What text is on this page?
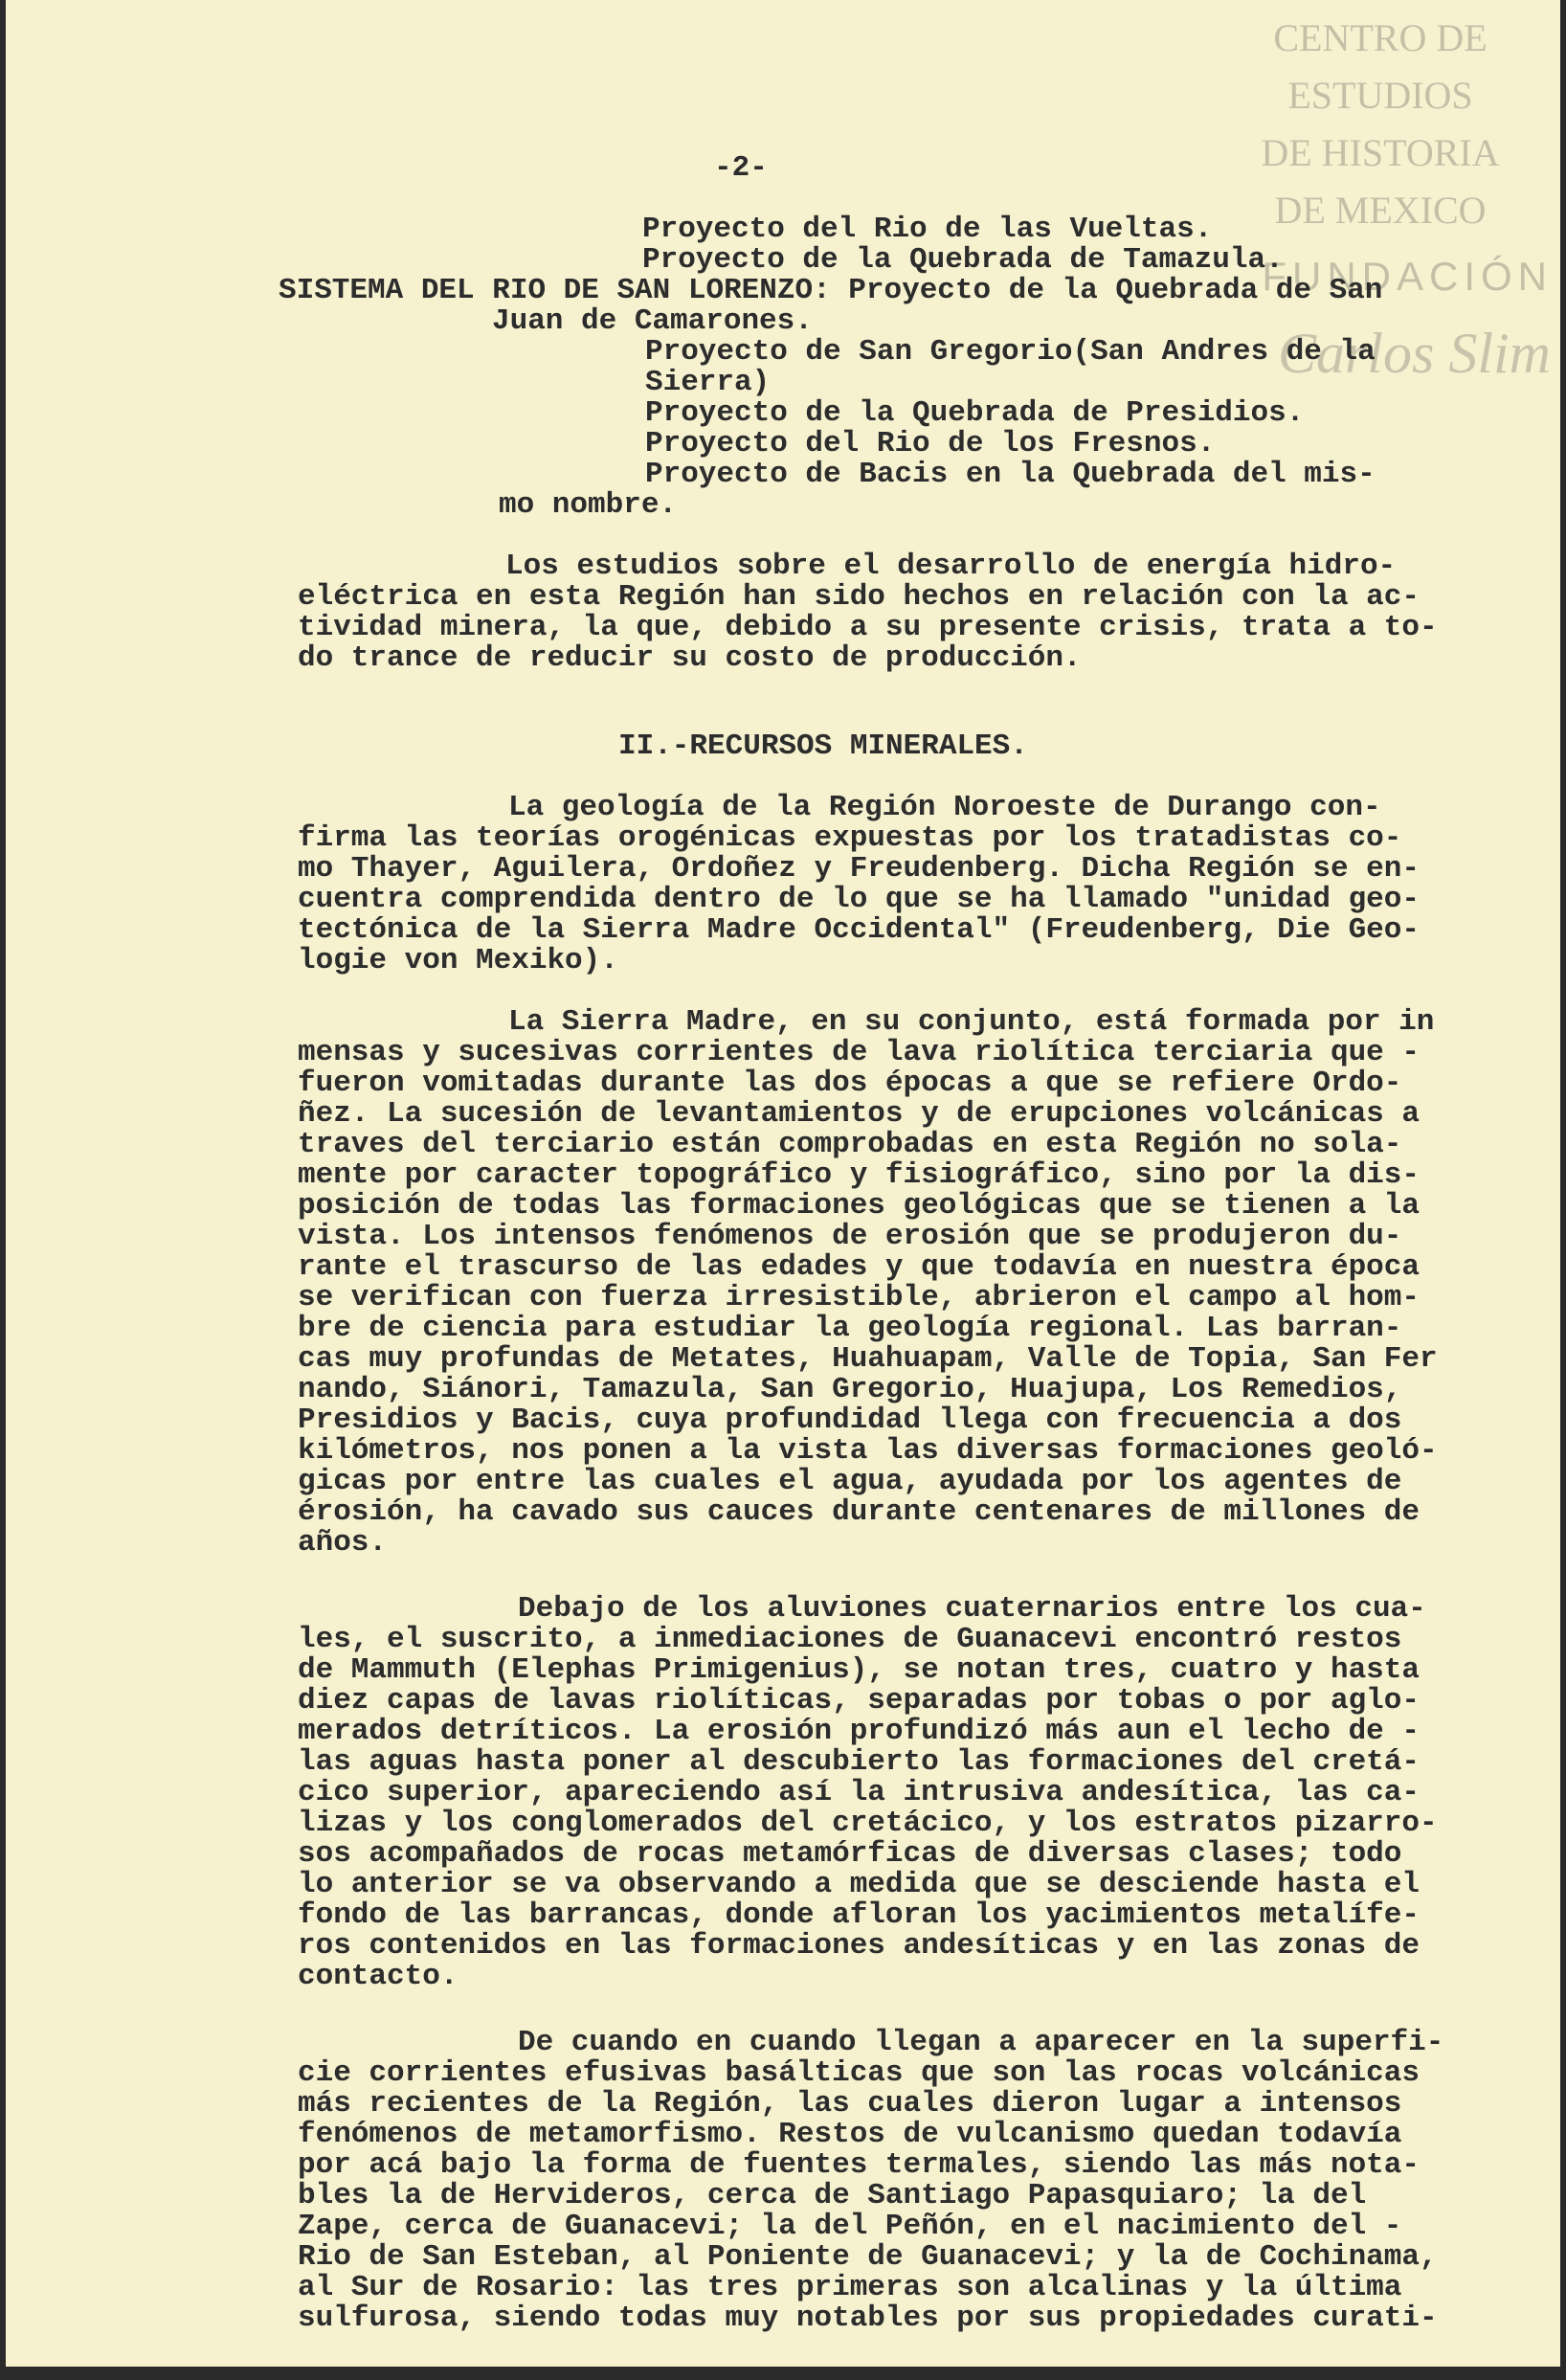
CENTRO DE
ESTUDIOS
DE HISTORIA
DE MEXICO
FUNDACIÓN
Carlos Slim
-2-
Proyecto del Rio de las Vueltas.
Proyecto de la Quebrada de Tamazula.
SISTEMA DEL RIO DE SAN LORENZO: Proyecto de la Quebrada de San
Juan de Camarones.
Proyecto de San Gregorio(San Andres de la
Sierra)
Proyecto de la Quebrada de Presidios.
Proyecto del Rio de los Fresnos.
Proyecto de Bacis en la Quebrada del mis-
mo nombre.
Los estudios sobre el desarrollo de energía hidro-
eléctrica en esta Región han sido hechos en relación con la ac-
tividad minera, la que, debido a su presente crisis, trata a to-
do trance de reducir su costo de producción.
II.-RECURSOS MINERALES.
La geología de la Región Noroeste de Durango con-
firma las teorías orogénicas expuestas por los tratadistas co-
mo Thayer, Aguilera, Ordoñez y Freudenberg. Dicha Región se en-
cuentra comprendida dentro de lo que se ha llamado "unidad geo-
tectónica de la Sierra Madre Occidental" (Freudenberg, Die Geo-
logie von Mexiko).
La Sierra Madre, en su conjunto, está formada por in
mensas y sucesivas corrientes de lava riolítica terciaria que -
fueron vomitadas durante las dos épocas a que se refiere Ordo-
ñez. La sucesión de levantamientos y de erupciones volcánicas a
traves del terciario están comprobadas en esta Región no sola-
mente por caracter topográfico y fisiográfico, sino por la dis-
posición de todas las formaciones geológicas que se tienen a la
vista. Los intensos fenómenos de erosión que se produjeron du-
rante el trascurso de las edades y que todavía en nuestra época
se verifican con fuerza irresistible, abrieron el campo al hom-
bre de ciencia para estudiar la geología regional. Las barran-
cas muy profundas de Metates, Huahuapam, Valle de Topia, San Fer
nando, Siánori, Tamazula, San Gregorio, Huajupa, Los Remedios,
Presidios y Bacis, cuya profundidad llega con frecuencia a dos
kilómetros, nos ponen a la vista las diversas formaciones geoló-
gicas por entre las cuales el agua, ayudada por los agentes de
érosión, ha cavado sus cauces durante centenares de millones de
años.
Debajo de los aluviones cuaternarios entre los cua-
les, el suscrito, a inmediaciones de Guanacevi encontró restos
de Mammuth (Elephas Primigenius), se notan tres, cuatro y hasta
diez capas de lavas riolíticas, separadas por tobas o por aglo-
merados detríticos. La erosión profundizó más aun el lecho de -
las aguas hasta poner al descubierto las formaciones del cretá-
cico superior, apareciendo así la intrusiva andesítica, las ca-
lizas y los conglomerados del cretácico, y los estratos pizarro-
sos acompañados de rocas metamórficas de diversas clases; todo
lo anterior se va observando a medida que se desciende hasta el
fondo de las barrancas, donde afloran los yacimientos metalífe-
ros contenidos en las formaciones andesíticas y en las zonas de
contacto.
De cuando en cuando llegan a aparecer en la superfi-
cie corrientes efusivas basálticas que son las rocas volcánicas
más recientes de la Región, las cuales dieron lugar a intensos
fenómenos de metamorfismo. Restos de vulcanismo quedan todavía
por acá bajo la forma de fuentes termales, siendo las más nota-
bles la de Hervideros, cerca de Santiago Papasquiaro; la del
Zape, cerca de Guanacevi; la del Peñón, en el nacimiento del -
Rio de San Esteban, al Poniente de Guanacevi; y la de Cochinama,
al Sur de Rosario: las tres primeras son alcalinas y la última
sulfurosa, siendo todas muy notables por sus propiedades curati-
